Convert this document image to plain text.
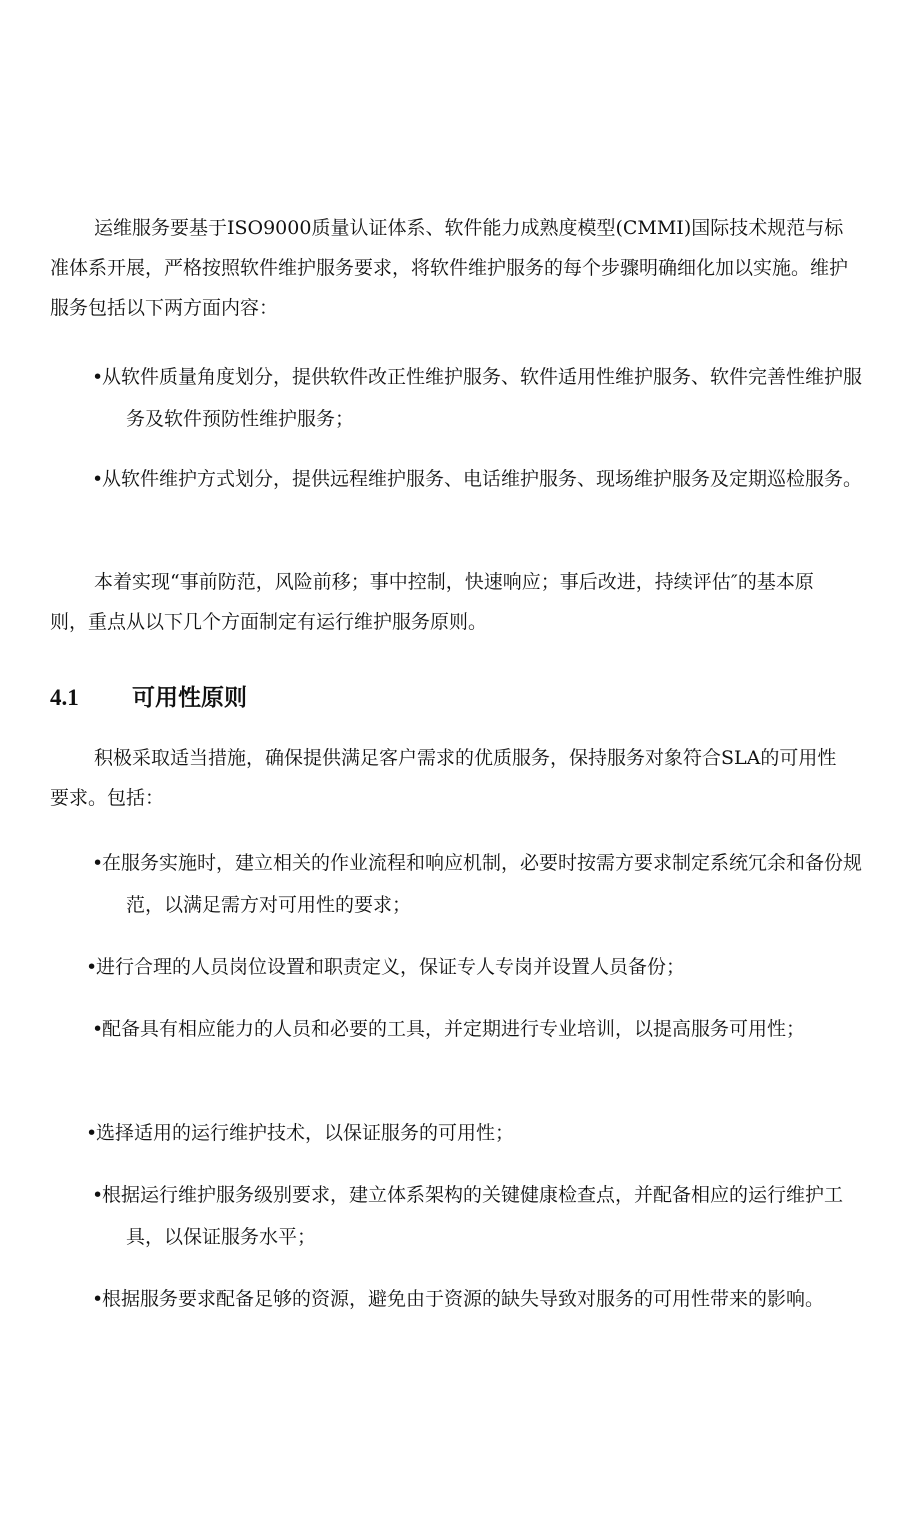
运维服务要基于ISO9000质量认证体系、软件能力成熟度模型(CMMI)国际技术规范与标准体系开展，严格按照软件维护服务要求，将软件维护服务的每个步骤明确细化加以实施。维护服务包括以下两方面内容：

•从软件质量角度划分，提供软件改正性维护服务、软件适用性维护服务、软件完善性维护服务及软件预防性维护服务；

•从软件维护方式划分，提供远程维护服务、电话维护服务、现场维护服务及定期巡检服务。

本着实现“事前防范，风险前移；事中控制，快速响应；事后改进，持续评估″的基本原则，重点从以下几个方面制定有运行维护服务原则。

4.1 可用性原则

积极采取适当措施，确保提供满足客户需求的优质服务，保持服务对象符合SLA的可用性要求。包括：

•在服务实施时，建立相关的作业流程和响应机制，必要时按需方要求制定系统冗余和备份规范，以满足需方对可用性的要求；

•进行合理的人员岗位设置和职责定义，保证专人专岗并设置人员备份；

•配备具有相应能力的人员和必要的工具，并定期进行专业培训，以提高服务可用性；

•选择适用的运行维护技术，以保证服务的可用性；

•根据运行维护服务级别要求，建立体系架构的关键健康检查点，并配备相应的运行维护工具，以保证服务水平；

•根据服务要求配备足够的资源，避免由于资源的缺失导致对服务的可用性带来的影响。
